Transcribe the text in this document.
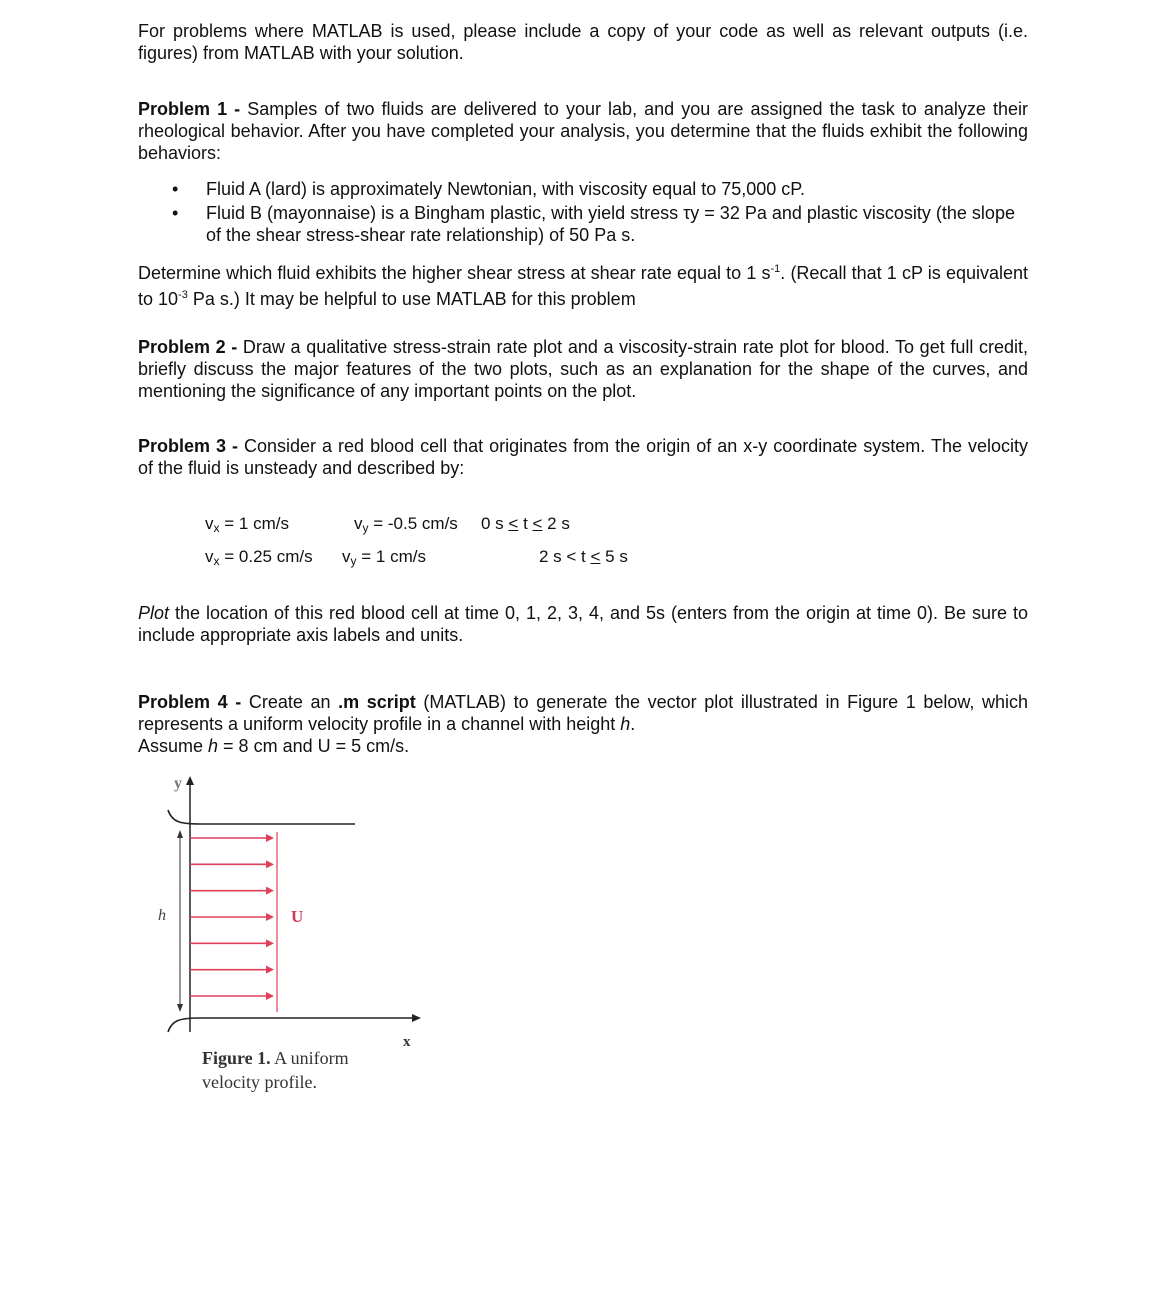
For problems where MATLAB is used, please include a copy of your code as well as relevant outputs (i.e. figures) from MATLAB with your solution.
Problem 1 - Samples of two fluids are delivered to your lab, and you are assigned the task to analyze their rheological behavior. After you have completed your analysis, you determine that the fluids exhibit the following behaviors:
• Fluid A (lard) is approximately Newtonian, with viscosity equal to 75,000 cP.
• Fluid B (mayonnaise) is a Bingham plastic, with yield stress τy = 32 Pa and plastic viscosity (the slope of the shear stress-shear rate relationship) of 50 Pa s.
Determine which fluid exhibits the higher shear stress at shear rate equal to 1 $s^{-1}$. (Recall that 1 cP is equivalent to $10^{-3}$ Pa s.) It may be helpful to use MATLAB for this problem
Problem 2 - Draw a qualitative stress-strain rate plot and a viscosity-strain rate plot for blood. To get full credit, briefly discuss the major features of the two plots, such as an explanation for the shape of the curves, and mentioning the significance of any important points on the plot.
Problem 3 - Consider a red blood cell that originates from the origin of an x-y coordinate system. The velocity of the fluid is unsteady and described by:
$v_x = 1$ cm/s	$v_y = -0.5$ cm/s 0 s ≤ t ≤ 2 s
$v_x = 0.25$ cm/s $v_y = 1$ cm/s	2 s < t ≤ 5 s
Plot the location of this red blood cell at time 0, 1, 2, 3, 4, and 5s (enters from the origin at time 0). Be sure to include appropriate axis labels and units.
Problem 4 - Create an .m script (MATLAB) to generate the vector plot illustrated in Figure 1 below, which represents a uniform velocity profile in a channel with height h.
Assume h = 8 cm and U = 5 cm/s.
y
x
h	U
Figure 1. A uniform
velocity profile.
